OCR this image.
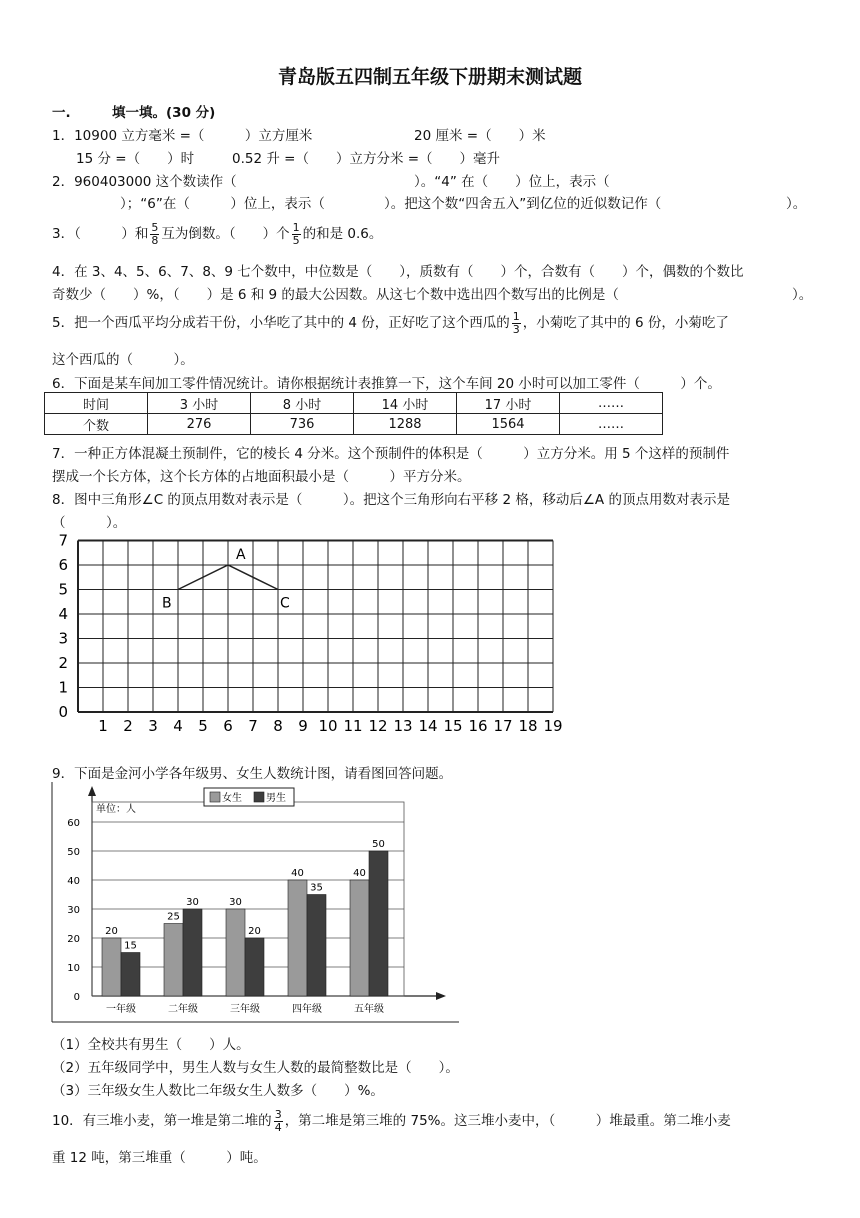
青岛版五四制五年级下册期末测试题
一.	填一填。(30 分)
1．10900 立方毫米 =（　　　）立方厘米	20 厘米 =（　　）米
15 分 =（　　）时	0.52 升 =（　　）立方分米 =（　　）毫升
2．960403000 这个数读作（	）。“4” 在（　　）位上，表示（
）；“6”在（　　　）位上，表示（	）。把这个数“四舍五入”到亿位的近似数记作（	）。
3．（　　　）和 $\frac{5}{8}$ 互为倒数。（　　）个 $\frac{1}{5}$ 的和是 0.6。
4．在 3、4、5、6、7、8、9 七个数中，中位数是（　　），质数有（　　）个，合数有（　　）个，偶数的个数比
奇数少（　　）%，（　　）是 6 和 9 的最大公因数。从这七个数中选出四个数写出的比例是（	）。
5．把一个西瓜平均分成若干份，小华吃了其中的 4 份，正好吃了这个西瓜的 $\frac{1}{3}$ ，小菊吃了其中的 6 份，小菊吃了
这个西瓜的（　　　）。
6．下面是某车间加工零件情况统计。请你根据统计表推算一下，这个车间 20 小时可以加工零件（　　　）个。
时间	3 小时	8 小时	14 小时	17 小时	……
个数	276	736	1288	1564	……
7．一种正方体混凝土预制件，它的棱长 4 分米。这个预制件的体积是（　　　）立方分米。用 5 个这样的预制件
摆成一个长方体，这个长方体的占地面积最小是（　　　）平方分米。
8．图中三角形∠C 的顶点用数对表示是（　　　）。把这个三角形向右平移 2 格，移动后∠A 的顶点用数对表示是
（　　　）。
1 2 3 4 5 6 7 8 9 10 11 12 13 14 15 16 17 18 19
0
1
2
3
4
5
6
7
A
B	C
9．下面是金河小学各年级男、女生人数统计图，请看图回答问题。
0
10
20
30
40
50
60
单位：人
女生 男生
20
15
一年级
25
30
二年级
30
20
三年级
40
35
四年级
40
50
五年级
（1）全校共有男生（　　）人。
（2）五年级同学中，男生人数与女生人数的最简整数比是（　　）。
（3）三年级女生人数比二年级女生人数多（　　）%。
10．有三堆小麦，第一堆是第二堆的 $\frac{3}{4}$ ，第二堆是第三堆的 75%。这三堆小麦中，（　　　）堆最重。第二堆小麦
重 12 吨，第三堆重（　　　）吨。
